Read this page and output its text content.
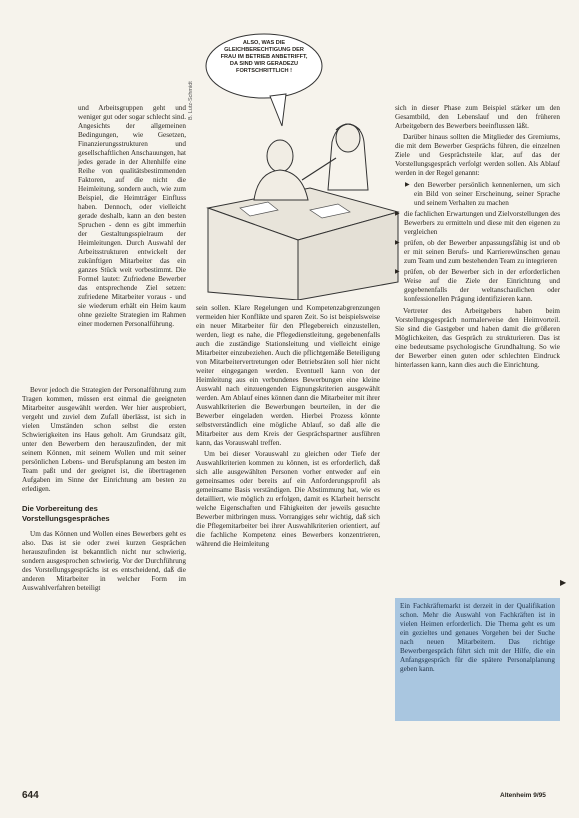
B. Lutz-Schmidt
ALSO, WAS DIE GLEICHBERECHTIGUNG DER FRAU IM BETRIEB ANBETRIFFT, DA SIND WIR GERADEZU FORTSCHRITTLICH !

und Arbeitsgruppen geht und weniger gut oder sogar schlecht sind. Angesichts der allgemeinen Bedingungen, wie Gesetzen, Finanzierungsstrukturen und gesellschaftlichen Anschauungen, hat jedes gerade in der Altenhilfe eine Reihe von qualitätsbestimmenden Faktoren, auf die nicht die Heimleitung, sondern auch, wie zum Beispiel, die Heimträger Einfluss haben. Dennoch, oder vielleicht gerade deshalb, kann an den besten Spruchen - denn es gibt immerhin der Gestaltungsspielraum der Heimleitungen. Durch Auswahl der Arbeitsstrukturen entwickelt der zukünftigen Mitarbeiter das ein ganzes Stück weit vorbestimmt. Die Formel lautet: Zufriedene Bewerber das entsprechende Ziel setzen: zufriedene Mitarbeiter voraus - und sie wiederum erhält ein Heim kaum ohne gezielte Strategien im Rahmen einer modernen Personalführung.

Bevor jedoch die Strategien der Personalführung zum Tragen kommen, müssen erst einmal die geeigneten Mitarbeiter ausgewählt werden. Wer hier ausprobiert, vergeht und zuviel dem Zufall überlässt, ist sich in vielen Umständen schon selbst die ersten Schwierigkeiten ins Haus geholt. Am Grundsatz gilt, unter den Bewerbern den herauszufinden, der mit seinem Können, mit seinem Wollen und mit seiner persönlichen Lebens- und Berufsplanung am besten im Team paßt und der geeignet ist, die übertragenen Aufgaben im Sinne der Einrichtung am besten zu erledigen.

Die Vorbereitung des Vorstellungsgespräches

Um das Können und Wollen eines Bewerbers geht es also. Das ist sie oder zwei kurzen Gesprächen herauszufinden ist bekanntlich nicht nur schwierig, sondern ausgesprochen schwierig. Vor der Durchführung des Vorstellungsgesprächs ist es entscheidend, daß die anderen Mitarbeiter in welcher Form im Auswahlverfahren beteiligt

sein sollen. Klare Regelungen und Kompetenzabgrenzungen vermeiden hier Konflikte und sparen Zeit. So ist beispielsweise ein neuer Mitarbeiter für den Pflegebereich einzustellen, werden, liegt es nahe, die Pflegedienstleitung, gegebenenfalls auch die zuständige Stationsleitung und vielleicht einige Mitarbeiter einzubeziehen. Auch die pflichtgemäße Beteiligung von Mitarbeitervertretungen oder Betriebsräten soll hier nicht weiter eingegangen werden. Eventuell kann von der Heimleitung aus ein verbundenes Bewerbungen eine kleine Auswahl nach einzuengenden Eignungskriterien ausgewählt werden. Am Ablauf eines können dann die Mitarbeiter mit ihrer Auswahlkriterien die Bewerbungen beurteilen, in der die Bewerber eingeladen werden. Hierbei Prozess könnte selbstverständlich eine mögliche Ablauf, so daß alle die Mitarbeiter aus dem Kreis der Gesprächspartner ausführen kann, das Vorauswahl treffen.

Um bei dieser Vorauswahl zu gleichen oder Tiefe der Auswahlkriterien kommen zu können, ist es erforderlich, daß sich alle ausgewählten Personen vorher entweder auf ein gemeinsames oder bereits auf ein Anforderungsprofil als gemeinsame Basis verständigen. Die Abstimmung hat, wie es detailliert, wie möglich zu erfolgen, damit es Klarheit herrscht welche Eigenschaften und Fähigkeiten der jeweils gesuchte Bewerber mitbringen muss. Vorrangiges sehr wichtig, daß sich die Pflegemitarbeiter bei ihrer Auswahlkriterien orientiert, auf die fachliche Kompetenz eines Bewerbers konzentrieren, während die Heimleitung

sich in dieser Phase zum Beispiel stärker um den Gesamtbild, den Lebenslauf und den früheren Arbeitgebern des Bewerbers beeinflussen läßt.

Darüber hinaus sollten die Mitglieder des Gremiums, die mit dem Bewerber Gesprächs führen, die einzelnen Ziele und Gesprächsteile klar, auf das der Vorstellungsgespräch verfolgt werden sollen. Als Ablauf werden in der Regel genannt:

▶ den Bewerber persönlich kennenlernen, um sich ein Bild von seiner Erscheinung, seiner Sprache und seinem Verhalten zu machen

▶ die fachlichen Erwartungen und Zielvorstellungen des Bewerbers zu ermitteln und diese mit den eigenen zu vergleichen

▶ prüfen, ob der Bewerber anpassungsfähig ist und ob er mit seinen Berufs- und Karrierewünschen genau zum Team und zum bestehenden Team zu integrieren

▶ prüfen, ob der Bewerber sich in der erforderlichen Weise auf die Ziele der Einrichtung und gegebenenfalls der weltanschaulichen oder konfessionellen Prägung identifizieren kann.

Vertreter des Arbeitgebers haben beim Vorstellungsgespräch normalerweise den Heimvorteil. Sie sind die Gastgeber und haben damit die größeren Möglichkeiten, das Gespräch zu strukturieren. Das ist eine bedeutsame psychologische Grundhaltung. So wie der Bewerber einen guten oder schlechten Eindruck hinterlassen kann, kann dies auch die Einrichtung.

▶

Ein Fachkräftemarkt ist derzeit in der Qualifikation schon. Mehr die Auswahl von Fachkräften ist in vielen Heimen erforderlich. Die Thema geht es um ein gezieltes und genaues Vorgehen bei der Suche nach neuen Mitarbeitern. Das richtige Bewerbergespräch führt sich mit der Hilfe, die ein Anfangsgespräch für die spätere Personalplanung geben kann.

644	Altenheim 9/95
